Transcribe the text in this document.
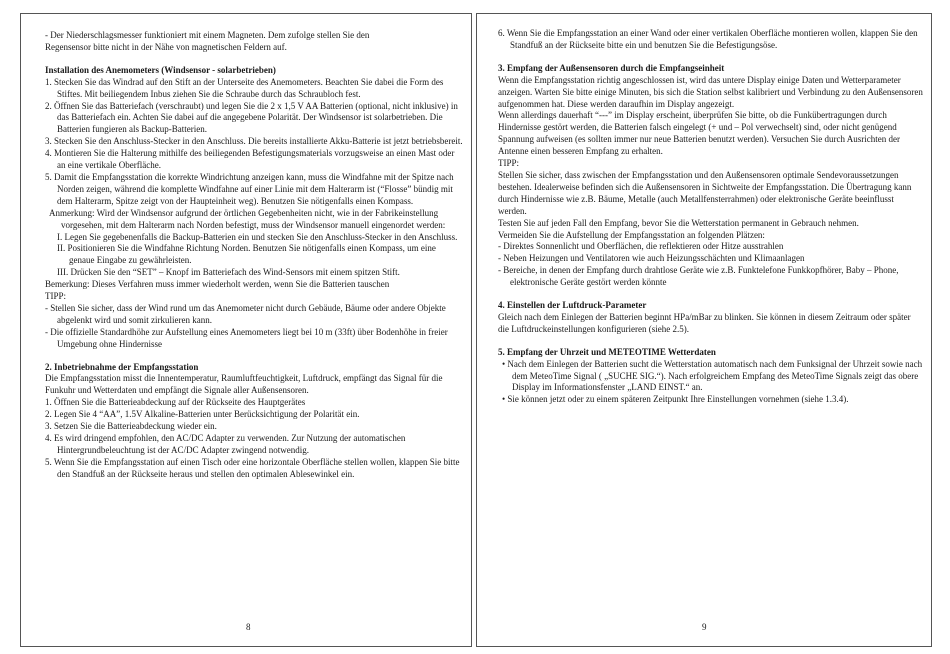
- Der Niederschlagsmesser funktioniert mit einem Magneten. Dem zufolge stellen Sie den

Regensensor bitte nicht in der Nähe von magnetischen Feldern auf.

Installation des Anemometers (Windsensor - solarbetrieben)

1. Stecken Sie das Windrad auf den Stift an der Unterseite des Anemometers. Beachten Sie dabei die Form des Stiftes. Mit beiliegendem Inbus ziehen Sie die Schraube durch das Schraubloch fest.

2. Öffnen Sie das Batteriefach (verschraubt) und legen Sie die 2 x 1,5 V AA Batterien (optional, nicht inklusive) in das Batteriefach ein. Achten Sie dabei auf die angegebene Polarität. Der Windsensor ist solarbetrieben. Die Batterien fungieren als Backup-Batterien.

3. Stecken Sie den Anschluss-Stecker in den Anschluss. Die bereits installierte Akku-Batterie ist jetzt betriebsbereit.

4. Montieren Sie die Halterung mithilfe des beiliegenden Befestigungsmaterials vorzugsweise an einen Mast oder an eine vertikale Oberfläche.

5. Damit die Empfangsstation die korrekte Windrichtung anzeigen kann, muss die Windfahne mit der Spitze nach Norden zeigen, während die komplette Windfahne auf einer Linie mit dem Halterarm ist (“Flosse” bündig mit dem Halterarm, Spitze zeigt von der Haupteinheit weg). Benutzen Sie nötigenfalls einen Kompass.

Anmerkung: Wird der Windsensor aufgrund der örtlichen Gegebenheiten nicht, wie in der Fabrikeinstellung vorgesehen, mit dem Halterarm nach Norden befestigt, muss der Windsensor manuell eingenordet werden:

I. Legen Sie gegebenenfalls die Backup-Batterien ein und stecken Sie den Anschluss-Stecker in den Anschluss.

II. Positionieren Sie die Windfahne Richtung Norden. Benutzen Sie nötigenfalls einen Kompass, um eine genaue Eingabe zu gewährleisten.

III. Drücken Sie den “SET” – Knopf im Batteriefach des Wind-Sensors mit einem spitzen Stift.

Bemerkung: Dieses Verfahren muss immer wiederholt werden, wenn Sie die Batterien tauschen

TIPP:

- Stellen Sie sicher, dass der Wind rund um das Anemometer nicht durch Gebäude, Bäume oder andere Objekte abgelenkt wird und somit zirkulieren kann.

- Die offizielle Standardhöhe zur Aufstellung eines Anemometers liegt bei 10 m (33ft) über Bodenhöhe in freier Umgebung ohne Hindernisse

2. Inbetriebnahme der Empfangsstation

Die Empfangsstation misst die Innentemperatur, Raumluftfeuchtigkeit, Luftdruck, empfängt das Signal für die Funkuhr und Wetterdaten und empfängt die Signale aller Außensensoren.

1. Öffnen Sie die Batterieabdeckung auf der Rückseite des Hauptgerätes

2. Legen Sie 4 “AA”, 1.5V Alkaline-Batterien unter Berücksichtigung der Polarität ein.

3. Setzen Sie die Batterieabdeckung wieder ein.

4. Es wird dringend empfohlen, den AC/DC Adapter zu verwenden. Zur Nutzung der automatischen Hintergrundbeleuchtung ist der AC/DC Adapter zwingend notwendig.

5. Wenn Sie die Empfangsstation auf einen Tisch oder eine horizontale Oberfläche stellen wollen, klappen Sie bitte den Standfuß an der Rückseite heraus und stellen den optimalen Ablesewinkel ein.

8

6. Wenn Sie die Empfangsstation an einer Wand oder einer vertikalen Oberfläche montieren wollen, klappen Sie den Standfuß an der Rückseite bitte ein und benutzen Sie die Befestigungsöse.

3. Empfang der Außensensoren durch die Empfangseinheit

Wenn die Empfangsstation richtig angeschlossen ist, wird das untere Display einige Daten und Wetterparameter anzeigen. Warten Sie bitte einige Minuten, bis sich die Station selbst kalibriert und Verbindung zu den Außensensoren aufgenommen hat. Diese werden daraufhin im Display angezeigt.

Wenn allerdings dauerhaft “---” im Display erscheint, überprüfen Sie bitte, ob die Funkübertragungen durch Hindernisse gestört werden, die Batterien falsch eingelegt (+ und – Pol verwechselt) sind, oder nicht genügend Spannung aufweisen (es sollten immer nur neue Batterien benutzt werden). Versuchen Sie durch Ausrichten der Antenne einen besseren Empfang zu erhalten.

TIPP:

Stellen Sie sicher, dass zwischen der Empfangsstation und den Außensensoren optimale Sendevoraussetzungen bestehen. Idealerweise befinden sich die Außensensoren in Sichtweite der Empfangsstation. Die Übertragung kann durch Hindernisse wie z.B. Bäume, Metalle (auch Metallfensterrahmen) oder elektronische Geräte beeinflusst werden.

Testen Sie auf jeden Fall den Empfang, bevor Sie die Wetterstation permanent in Gebrauch nehmen.

Vermeiden Sie die Aufstellung der Empfangsstation an folgenden Plätzen:

- Direktes Sonnenlicht und Oberflächen, die reflektieren oder Hitze ausstrahlen

- Neben Heizungen und Ventilatoren wie auch Heizungsschächten und Klimaanlagen

- Bereiche, in denen der Empfang durch drahtlose Geräte wie z.B. Funktelefone Funkkopfhörer, Baby – Phone, elektronische Geräte gestört werden könnte

4. Einstellen der Luftdruck-Parameter

Gleich nach dem Einlegen der Batterien beginnt HPa/mBar zu blinken. Sie können in diesem Zeitraum oder später die Luftdruckeinstellungen konfigurieren (siehe 2.5).

5. Empfang der Uhrzeit und METEOTIME Wetterdaten

• Nach dem Einlegen der Batterien sucht die Wetterstation automatisch nach dem Funksignal der Uhrzeit sowie nach dem MeteoTime Signal ( „SUCHE SIG.“). Nach erfolgreichem Empfang des MeteoTime Signals zeigt das obere Display im Informationsfenster „LAND EINST.“ an.

• Sie können jetzt oder zu einem späteren Zeitpunkt Ihre Einstellungen vornehmen (siehe 1.3.4).

9
